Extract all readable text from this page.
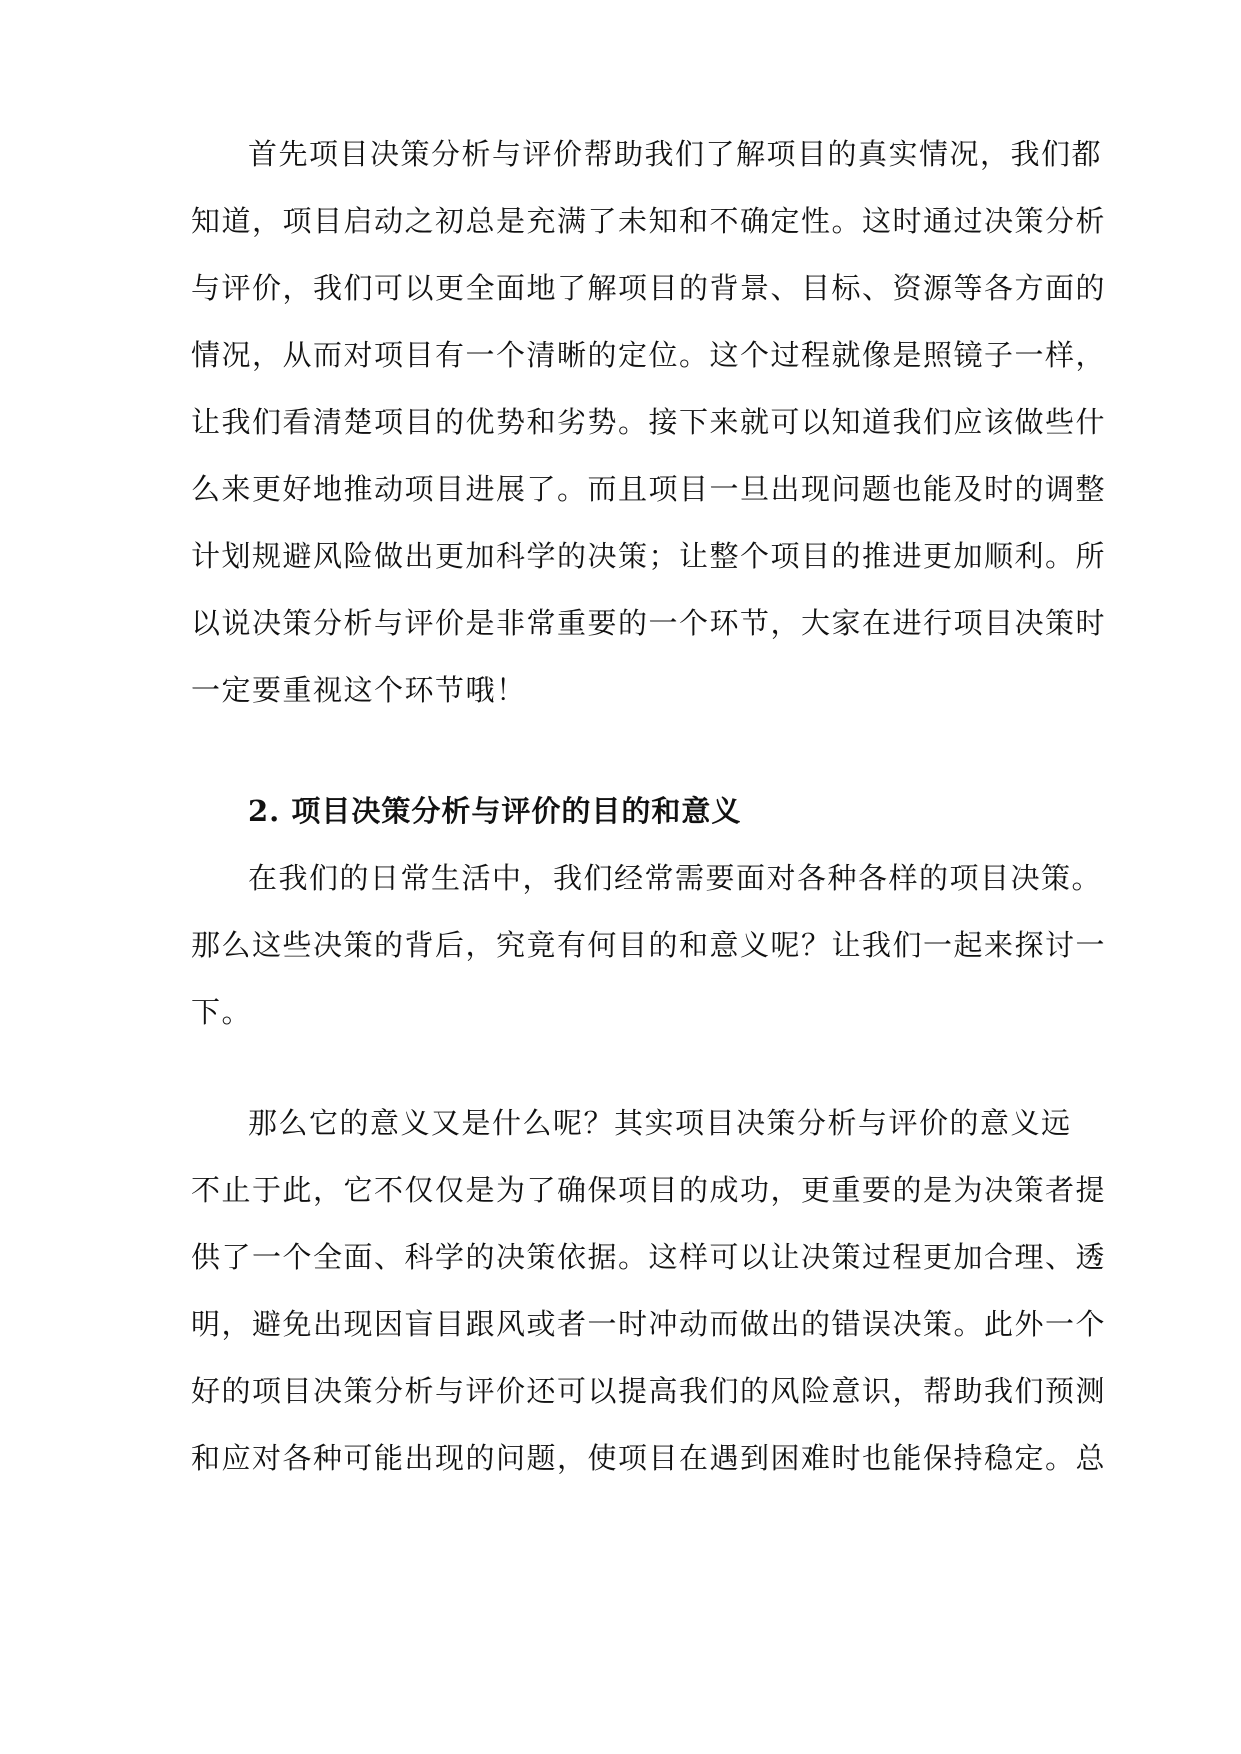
首先项目决策分析与评价帮助我们了解项目的真实情况，我们都
知道，项目启动之初总是充满了未知和不确定性。这时通过决策分析
与评价，我们可以更全面地了解项目的背景、目标、资源等各方面的
情况，从而对项目有一个清晰的定位。这个过程就像是照镜子一样，
让我们看清楚项目的优势和劣势。接下来就可以知道我们应该做些什
么来更好地推动项目进展了。而且项目一旦出现问题也能及时的调整
计划规避风险做出更加科学的决策；让整个项目的推进更加顺利。所
以说决策分析与评价是非常重要的一个环节，大家在进行项目决策时
一定要重视这个环节哦！
2. 项目决策分析与评价的目的和意义
在我们的日常生活中，我们经常需要面对各种各样的项目决策。
那么这些决策的背后，究竟有何目的和意义呢？让我们一起来探讨一
下。
那么它的意义又是什么呢？其实项目决策分析与评价的意义远
不止于此，它不仅仅是为了确保项目的成功，更重要的是为决策者提
供了一个全面、科学的决策依据。这样可以让决策过程更加合理、透
明，避免出现因盲目跟风或者一时冲动而做出的错误决策。此外一个
好的项目决策分析与评价还可以提高我们的风险意识，帮助我们预测
和应对各种可能出现的问题，使项目在遇到困难时也能保持稳定。总
